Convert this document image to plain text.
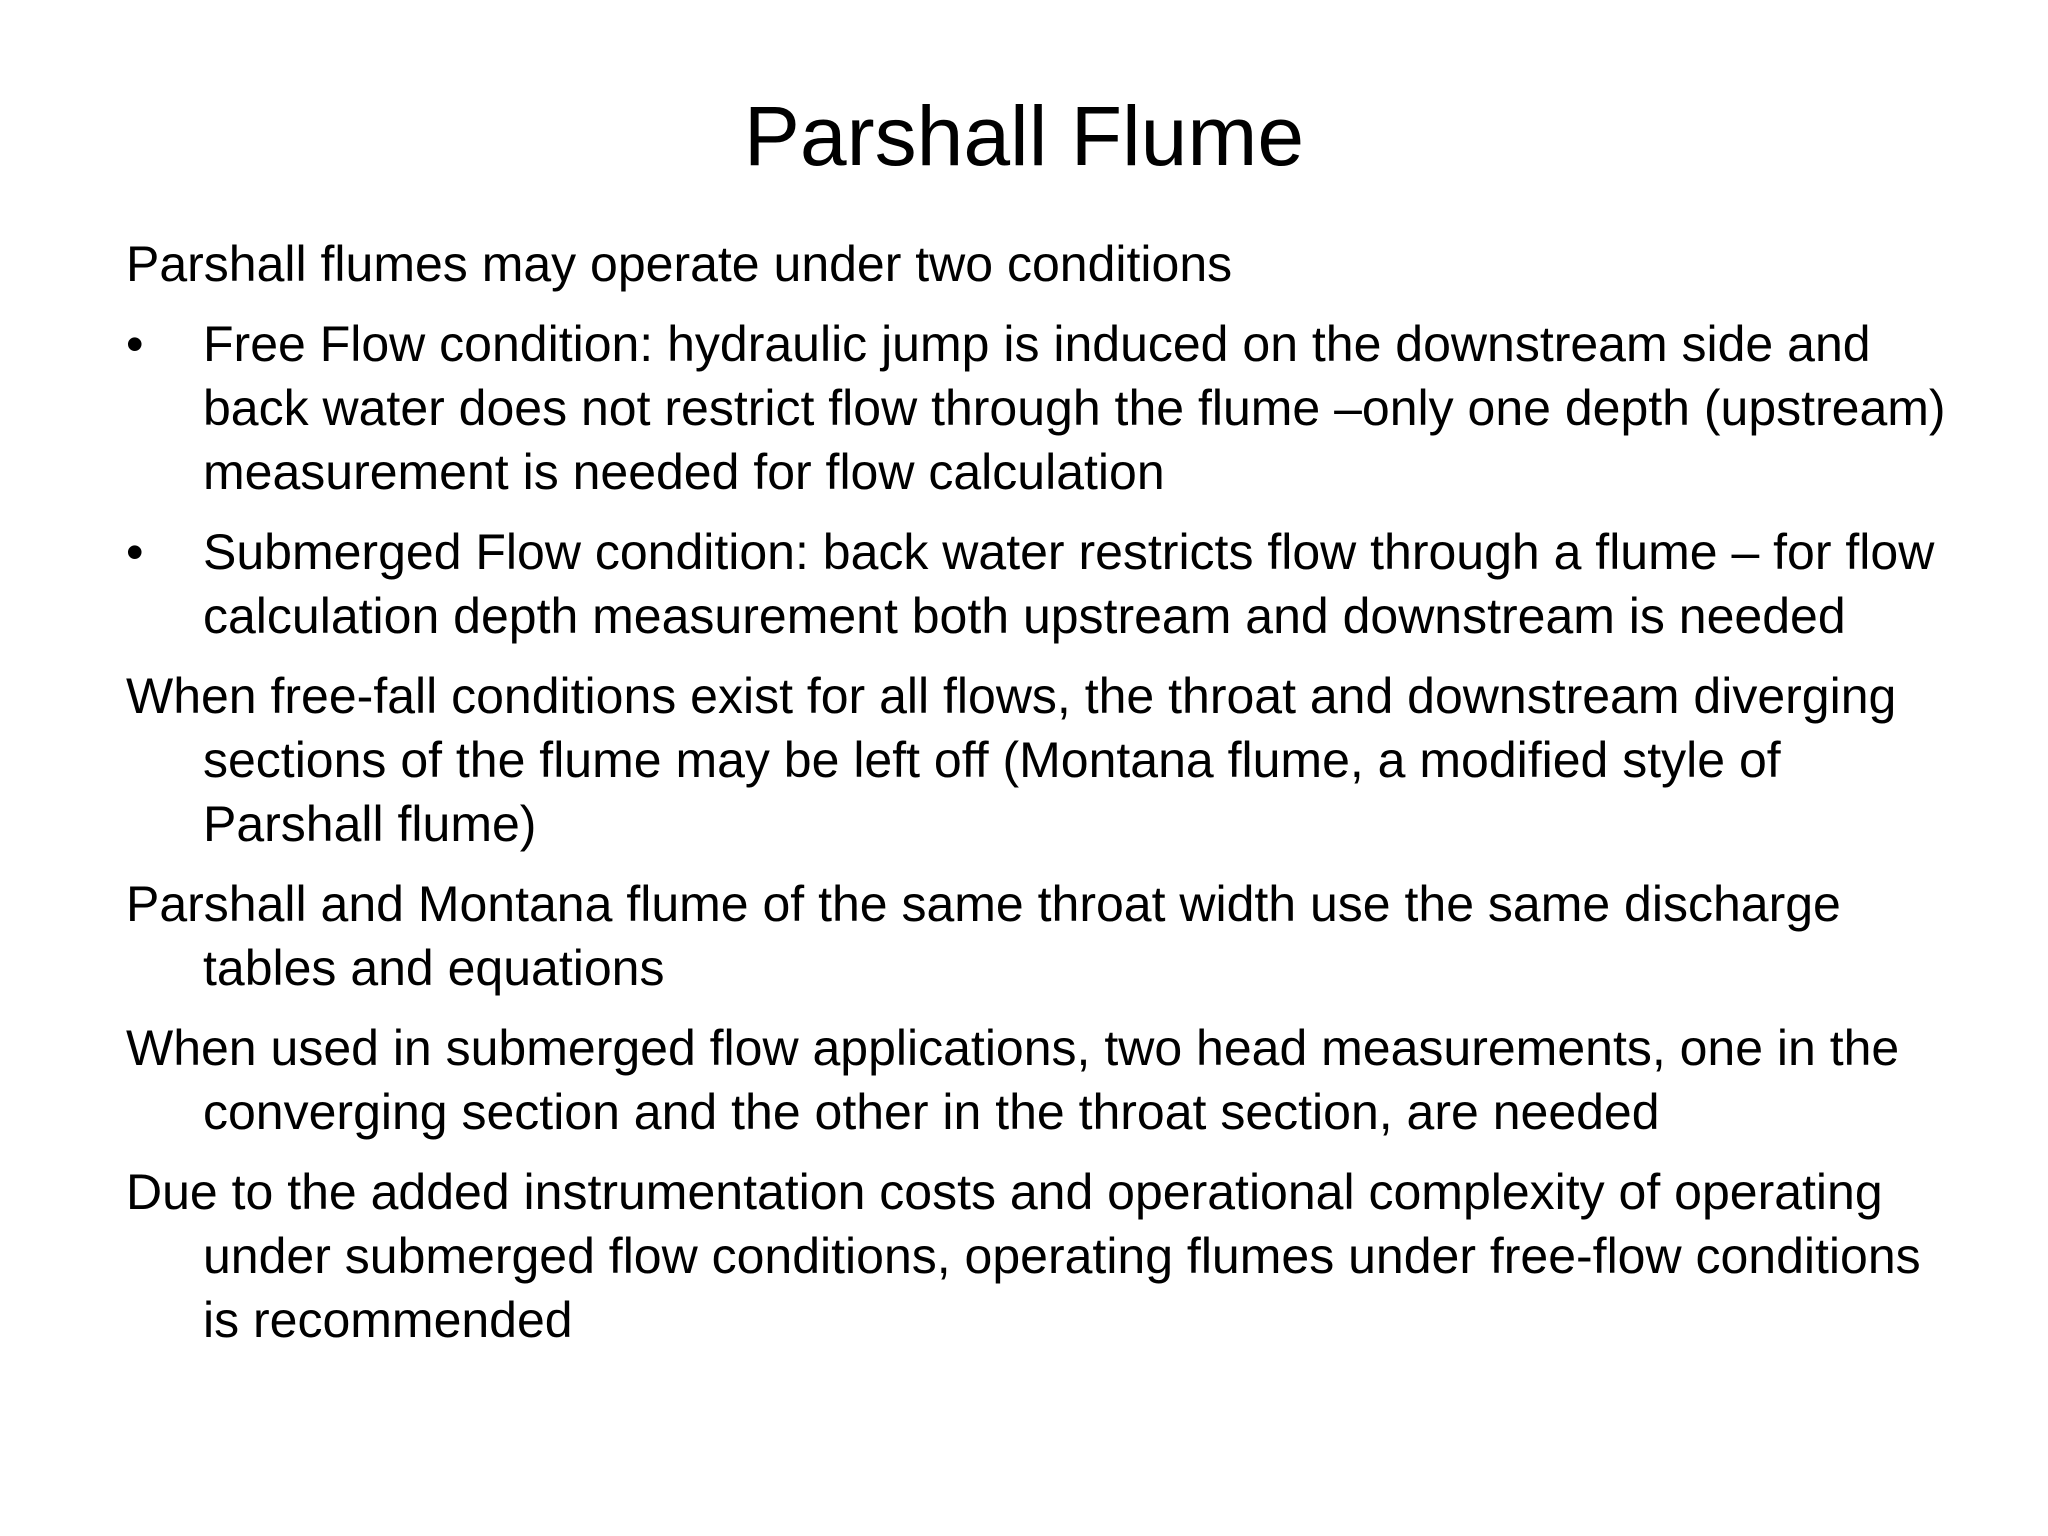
Parshall Flume

Parshall flumes may operate under two conditions

•	Free Flow condition: hydraulic jump is induced on the downstream side and back water does not restrict flow through the flume –only one depth (upstream) measurement is needed for flow calculation
•	Submerged Flow condition: back water restricts flow through a flume – for flow calculation depth measurement both upstream and downstream is needed

When free-fall conditions exist for all flows, the throat and downstream diverging sections of the flume may be left off (Montana flume, a modified style of Parshall flume)

Parshall and Montana flume of the same throat width use the same discharge tables and equations

When used in submerged flow applications, two head measurements, one in the converging section and the other in the throat section, are needed

Due to the added instrumentation costs and operational complexity of operating under submerged flow conditions, operating flumes under free-flow conditions is recommended
